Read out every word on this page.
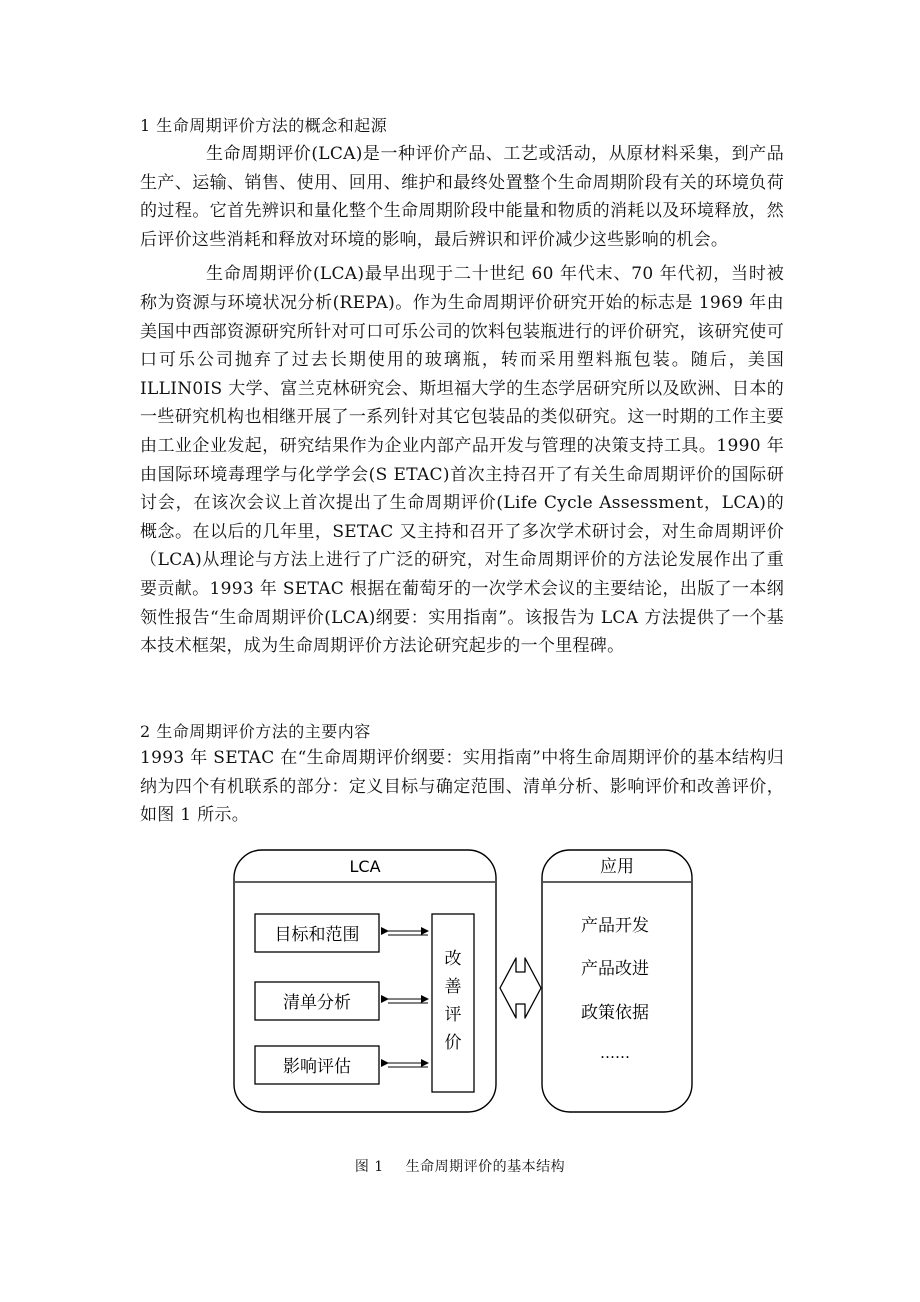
1 生命周期评价方法的概念和起源

生命周期评价(LCA)是一种评价产品、工艺或活动，从原材料采集，到产品生产、运输、销售、使用、回用、维护和最终处置整个生命周期阶段有关的环境负荷的过程。它首先辨识和量化整个生命周期阶段中能量和物质的消耗以及环境释放，然后评价这些消耗和释放对环境的影响，最后辨识和评价减少这些影响的机会。

生命周期评价(LCA)最早出现于二十世纪 60 年代末、70 年代初，当时被称为资源与环境状况分析(REPA)。作为生命周期评价研究开始的标志是 1969 年由美国中西部资源研究所针对可口可乐公司的饮料包装瓶进行的评价研究，该研究使可口可乐公司抛弃了过去长期使用的玻璃瓶，转而采用塑料瓶包装。随后，美国 ILLIN0IS 大学、富兰克林研究会、斯坦福大学的生态学居研究所以及欧洲、日本的一些研究机构也相继开展了一系列针对其它包装品的类似研究。这一时期的工作主要由工业企业发起，研究结果作为企业内部产品开发与管理的决策支持工具。1990 年由国际环境毒理学与化学学会(S ETAC)首次主持召开了有关生命周期评价的国际研讨会，在该次会议上首次提出了生命周期评价(Life Cycle Assessment，LCA)的概念。在以后的几年里，SETAC 又主持和召开了多次学术研讨会，对生命周期评价（LCA)从理论与方法上进行了广泛的研究，对生命周期评价的方法论发展作出了重要贡献。1993 年 SETAC 根据在葡萄牙的一次学术会议的主要结论，出版了一本纲领性报告“生命周期评价(LCA)纲要：实用指南”。该报告为 LCA 方法提供了一个基本技术框架，成为生命周期评价方法论研究起步的一个里程碑。

2 生命周期评价方法的主要内容

1993 年 SETAC 在“生命周期评价纲要：实用指南”中将生命周期评价的基本结构归纳为四个有机联系的部分：定义目标与确定范围、清单分析、影响评价和改善评价，如图 1 所示。

LCA
目标和范围
清单分析
影响评估
改
善
评
价
应用
产品开发
产品改进
政策依据
……
图 1 生命周期评价的基本结构
